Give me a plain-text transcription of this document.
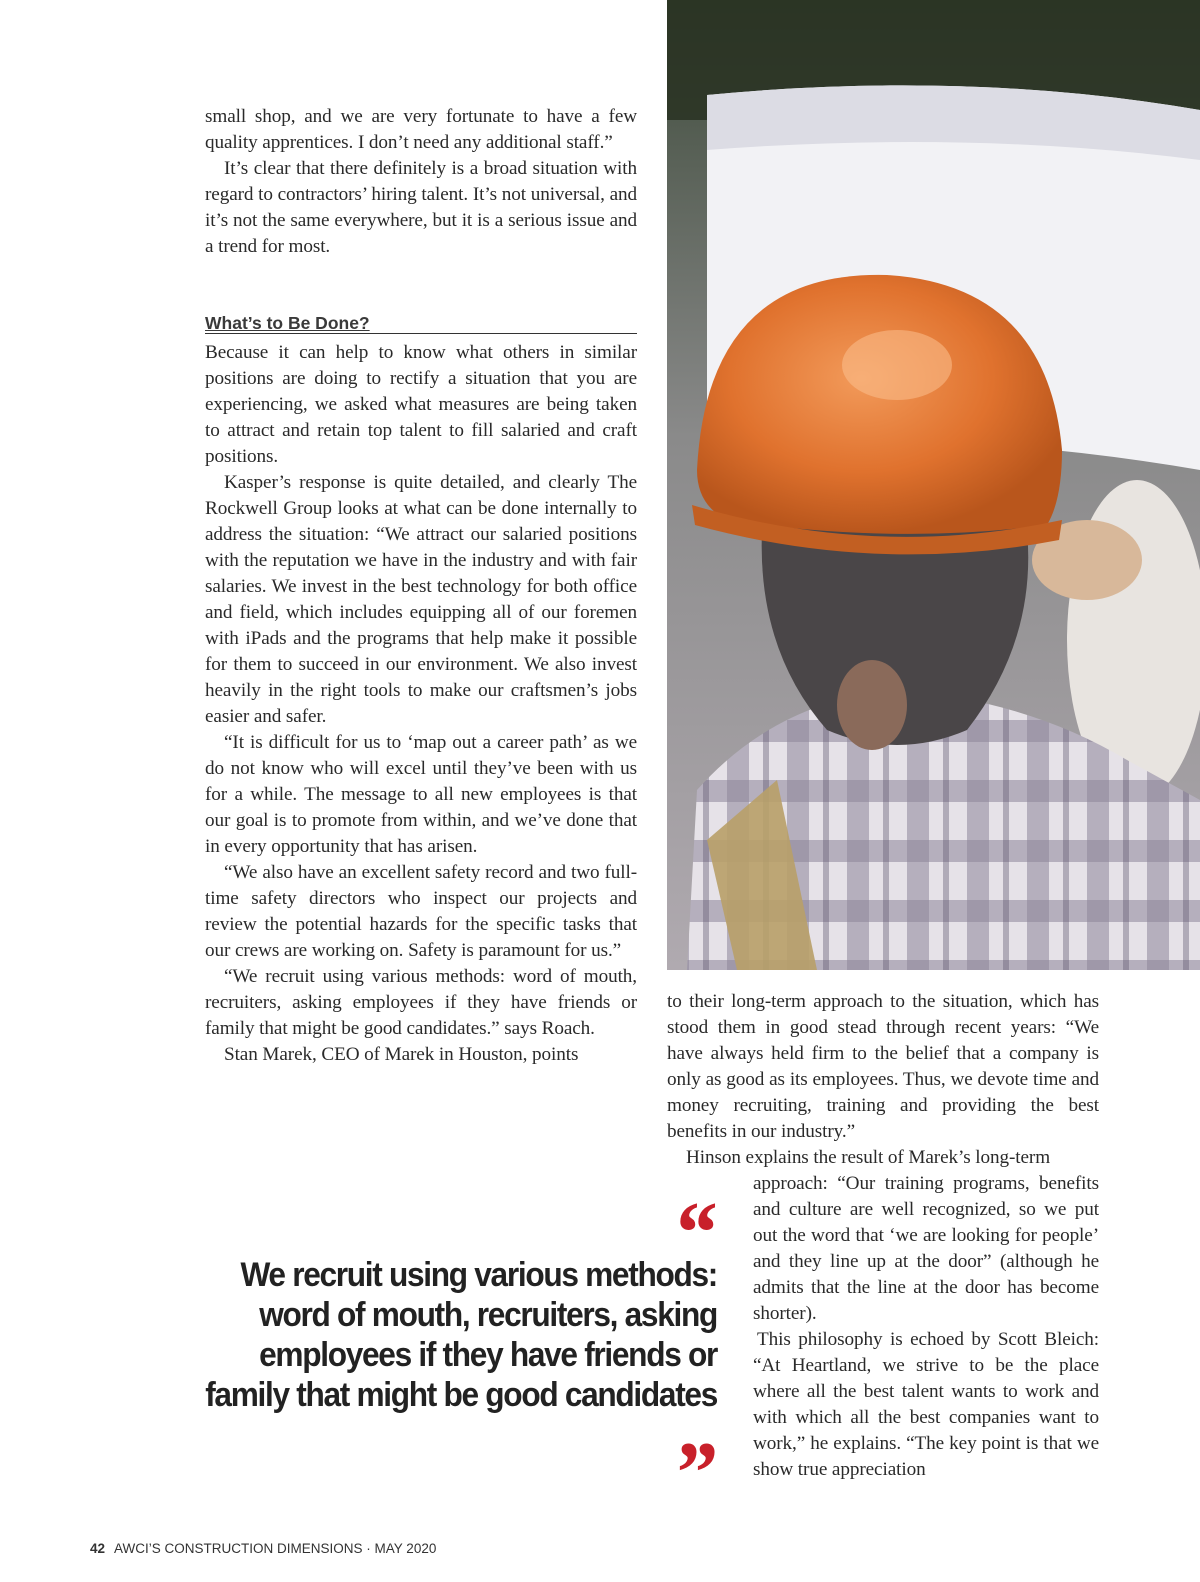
small shop, and we are very fortunate to have a few quality apprentices. I don’t need any additional staff.”

It’s clear that there definitely is a broad situation with regard to contractors’ hiring talent. It’s not universal, and it’s not the same everywhere, but it is a serious issue and a trend for most.

What’s to Be Done?

Because it can help to know what others in similar positions are doing to rectify a situation that you are experiencing, we asked what measures are being taken to attract and retain top talent to fill salaried and craft positions.

Kasper’s response is quite detailed, and clearly The Rockwell Group looks at what can be done internally to address the situation: “We attract our salaried positions with the reputation we have in the industry and with fair salaries. We invest in the best technology for both office and field, which includes equipping all of our foremen with iPads and the programs that help make it possible for them to succeed in our environment. We also invest heavily in the right tools to make our craftsmen’s jobs easier and safer.

“It is difficult for us to ‘map out a career path’ as we do not know who will excel until they’ve been with us for a while. The message to all new employees is that our goal is to promote from within, and we’ve done that in every opportunity that has arisen.

“We also have an excellent safety record and two full-time safety directors who inspect our projects and review the potential hazards for the specific tasks that our crews are working on. Safety is paramount for us.”

“We recruit using various methods: word of mouth, recruiters, asking employees if they have friends or family that might be good candidates.” says Roach.

Stan Marek, CEO of Marek in Houston, points

to their long-term approach to the situation, which has stood them in good stead through recent years: “We have always held firm to the belief that a company is only as good as its employees. Thus, we devote time and money recruiting, training and providing the best benefits in our industry.”

Hinson explains the result of Marek’s long-term

approach: “Our training programs, benefits and culture are well recognized, so we put out the word that ‘we are looking for people’ and they line up at the door” (although he admits that the line at the door has become shorter).

This philosophy is echoed by Scott Bleich: “At Heartland, we strive to be the place where all the best talent wants to work and with which all the best companies want to work,” he explains. “The key point is that we show true appreciation

“
We recruit using various methods: word of mouth, recruiters, asking employees if they have friends or family that might be good candidates
”
42 AWCI’S CONSTRUCTION DIMENSIONS · MAY 2020
